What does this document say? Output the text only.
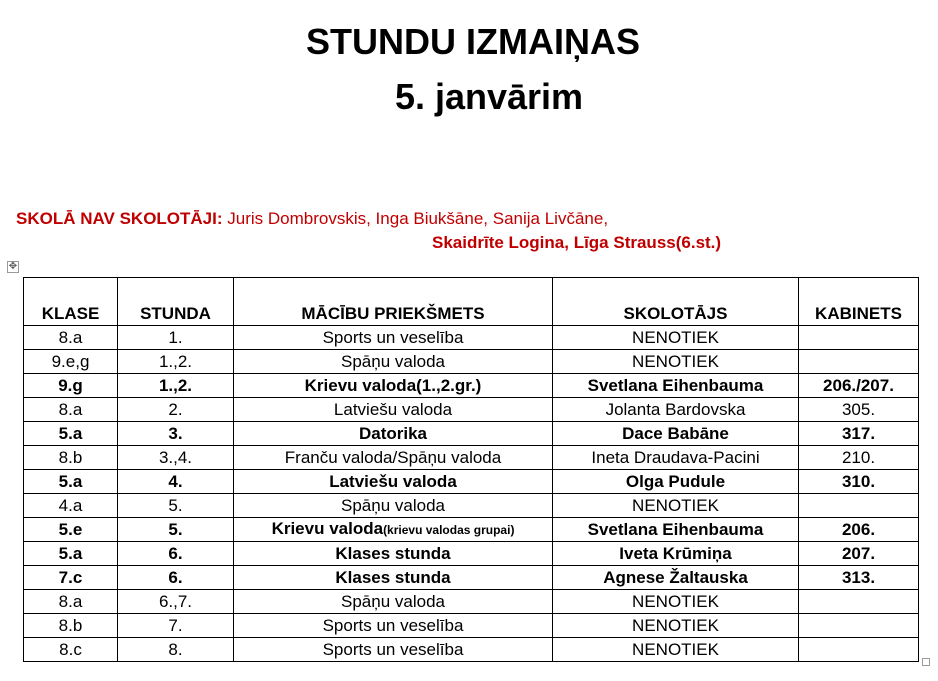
STUNDU IZMAIŅAS
5. janvārim
SKOLĀ NAV SKOLOTĀJI: Juris Dombrovskis, Inga Biukšāne, Sanija Livčāne,
Skaidrīte Logina, Līga Strauss(6.st.)
✥
KLASE	STUNDA	MĀCĪBU PRIEKŠMETS	SKOLOTĀJS	KABINETS
8.a	1.	Sports un veselība	NENOTIEK	
9.e,g	1.,2.	Spāņu valoda	NENOTIEK	
9.g	1.,2.	Krievu valoda(1.,2.gr.)	Svetlana Eihenbauma	206./207.
8.a	2.	Latviešu valoda	Jolanta Bardovska	305.
5.a	3.	Datorika	Dace Babāne	317.
8.b	3.,4.	Franču valoda/Spāņu valoda	Ineta Draudava-Pacini	210.
5.a	4.	Latviešu valoda	Olga Pudule	310.
4.a	5.	Spāņu valoda	NENOTIEK	
5.e	5.	Krievu valoda(krievu valodas grupai)	Svetlana Eihenbauma	206.
5.a	6.	Klases stunda	Iveta Krūmiņa	207.
7.c	6.	Klases stunda	Agnese Žaltauska	313.
8.a	6.,7.	Spāņu valoda	NENOTIEK	
8.b	7.	Sports un veselība	NENOTIEK	
8.c	8.	Sports un veselība	NENOTIEK	
